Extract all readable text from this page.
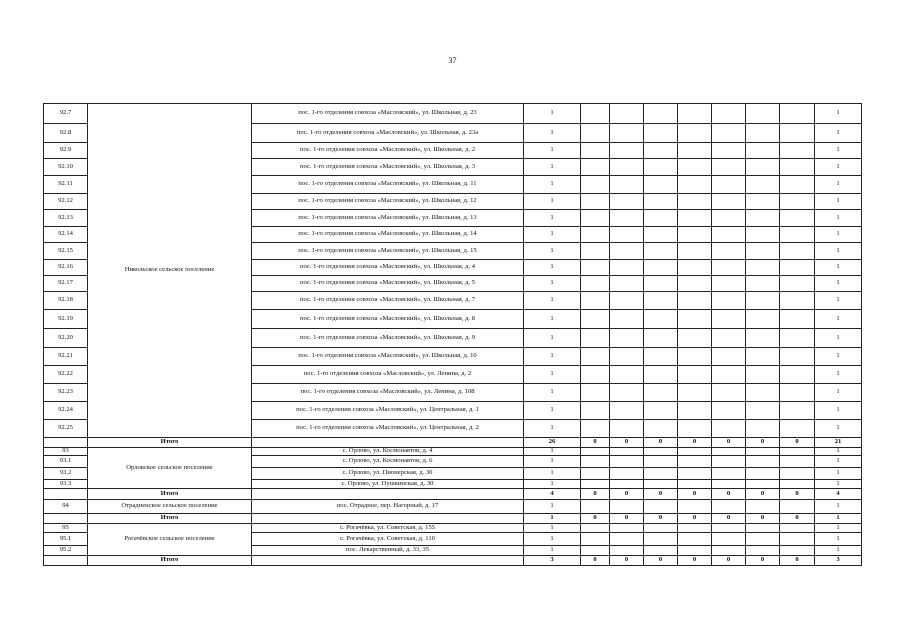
37
92.7	Никольское сельское поселение	пос. 1-го отделения совхоза «Масловский», ул. Школьная, д. 23	1								1
92.8		пос. 1-го отделения совхоза «Масловский», ул. Школьная, д. 23а	1								1
92.9		пос. 1-го отделения совхоза «Масловский», ул. Школьная, д. 2	1								1
92.10		пос. 1-го отделения совхоза «Масловский», ул. Школьная, д. 3	1								1
92.11		пос. 1-го отделения совхоза «Масловский», ул. Школьная, д. 11	1								1
92.12		пос. 1-го отделения совхоза «Масловский», ул. Школьная, д. 12	1								1
92.13		пос. 1-го отделения совхоза «Масловский», ул. Школьная, д. 13	1								1
92.14		пос. 1-го отделения совхоза «Масловский», ул. Школьная, д. 14	1								1
92.15		пос. 1-го отделения совхоза «Масловский», ул. Школьная, д. 15	1								1
92.16		пос. 1-го отделения совхоза «Масловский», ул. Школьная, д. 4	1								1
92.17		пос. 1-го отделения совхоза «Масловский», ул. Школьная, д. 5	1								1
92.18		пос. 1-го отделения совхоза «Масловский», ул. Школьная, д. 7	1								1
92.19		пос. 1-го отделения совхоза «Масловский», ул. Школьная, д. 8	1								1
92.20		пос. 1-го отделения совхоза «Масловский», ул. Школьная, д. 9	1								1
92.21		пос. 1-го отделения совхоза «Масловский», ул. Школьная, д. 10	1								1
92.22		пос. 1-го отделения совхоза «Масловский», ул. Ленина, д. 2	1								1
92.23		пос. 1-го отделения совхоза «Масловский», ул. Ленина, д. 108	1								1
92.24		пос. 1-го отделения совхоза «Масловский», ул. Центральная, д. 1	1								1
92.25		пос. 1-го отделения совхоза «Масловский», ул. Центральная, д. 2	1								1
	Итого		26	0	0	0	0	0	0	0	21
93	Орловское сельское поселение	с. Орлово, ул. Космонавтов, д. 4	1								1
93.1		с. Орлово, ул. Космонавтов, д. 6	1								1
93.2		с. Орлово, ул. Пионерская, д. 30	1								1
93.3		с. Орлово, ул. Пушкинская, д. 30	1								1
	Итого		4	0	0	0	0	0	0	0	4
94	Отрадненское сельское поселение	пос. Отрадное, пер. Нагорный, д. 17	1								1
	Итого		1	0	0	0	0	0	0	0	1
95	Рогачёвское сельское поселение	с. Рогачёвка, ул. Советская, д. 155	1								1
95.1		с. Рогачёвка, ул. Советская, д. 110	1								1
95.2		пос. Лекарственный, д. 33, 35	1								1
	Итого		3	0	0	0	0	0	0	0	3
